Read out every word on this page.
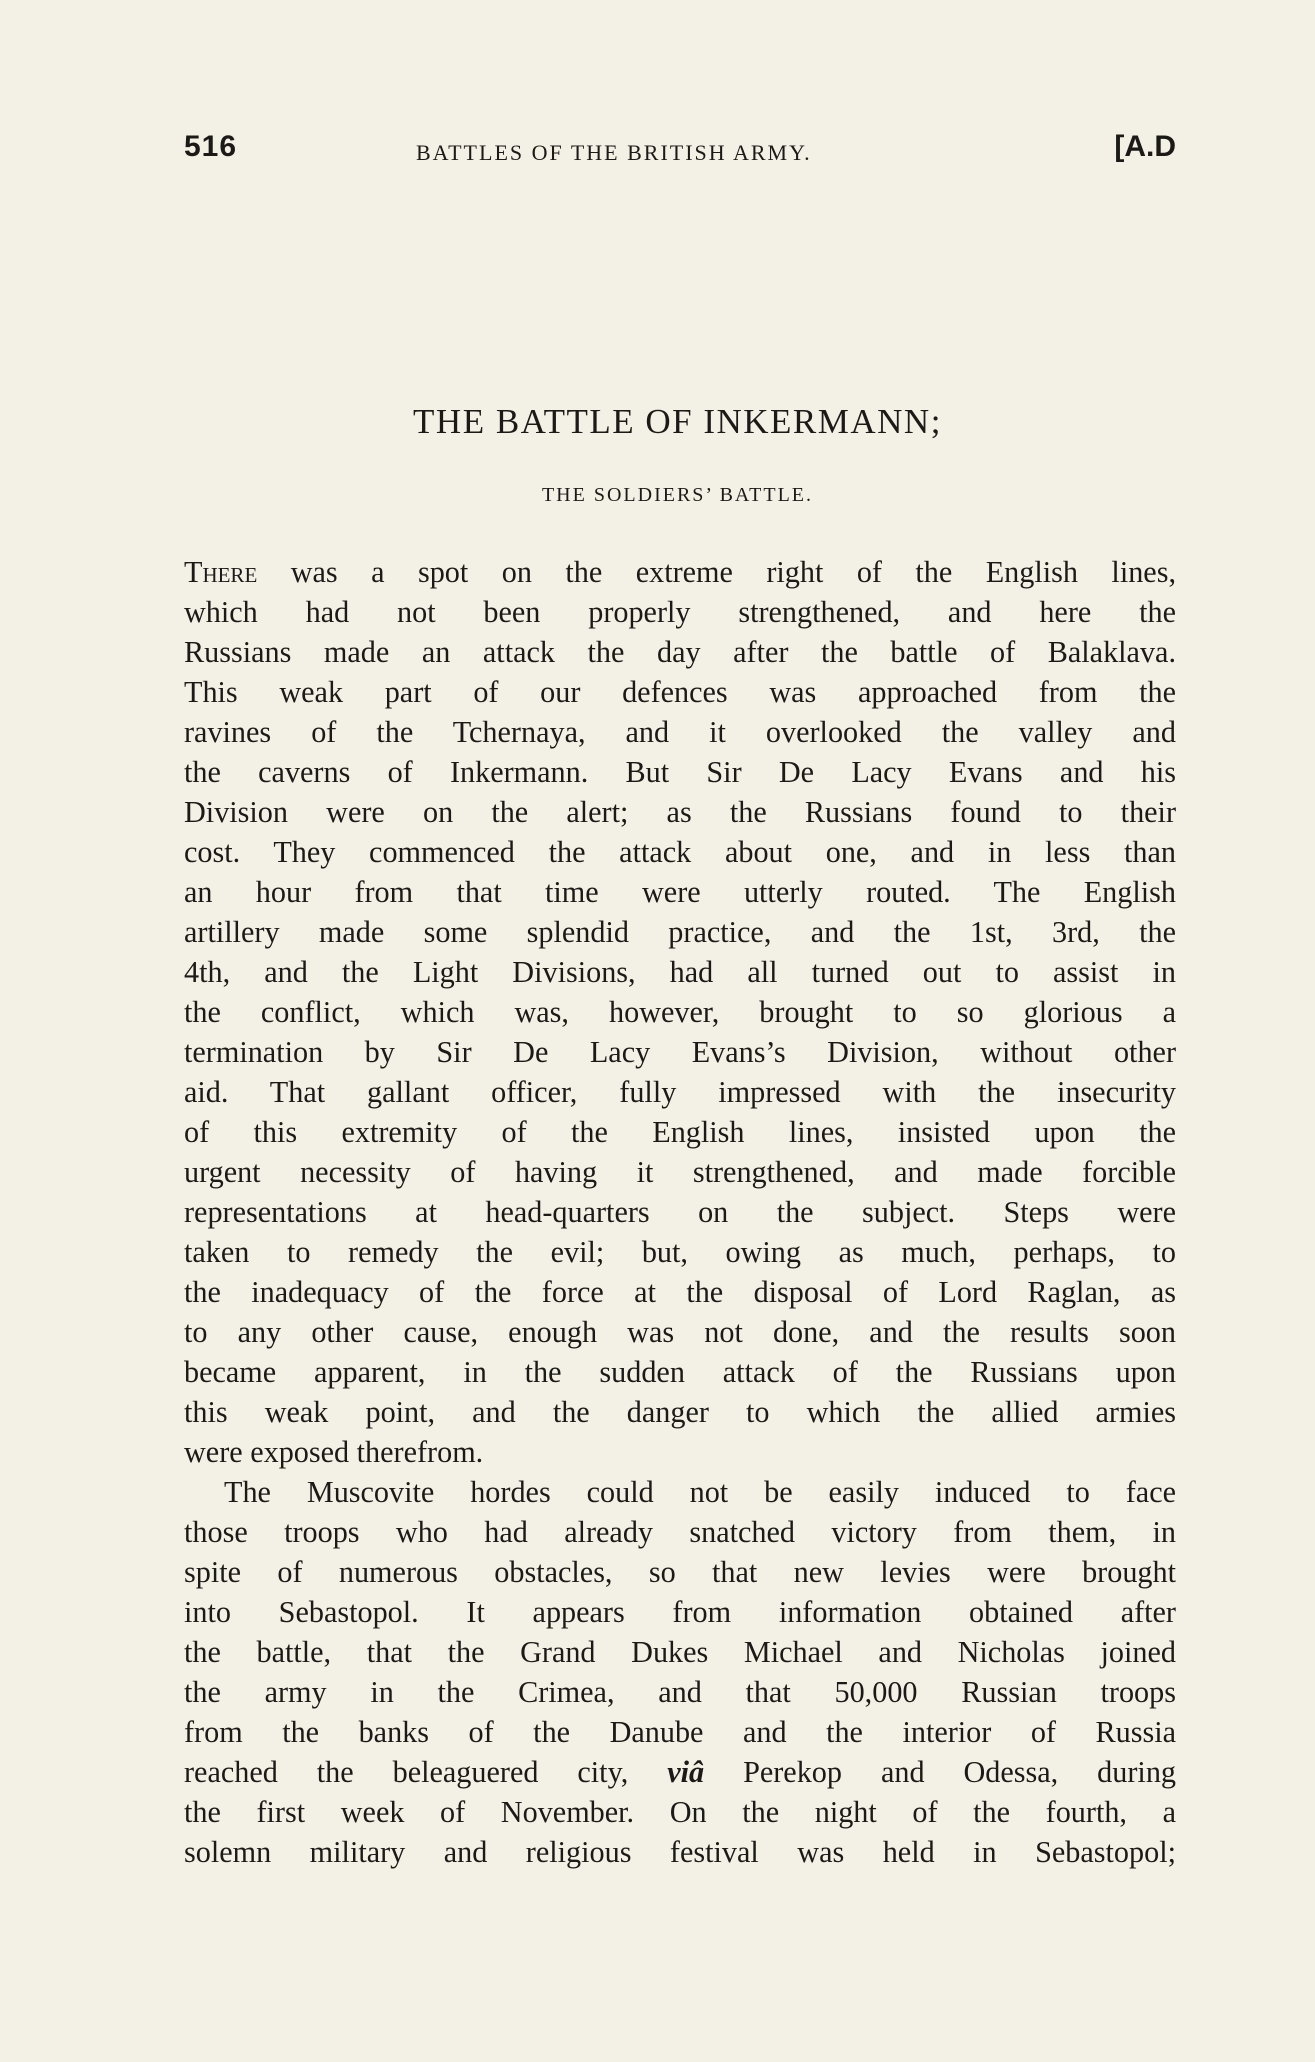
516	BATTLES OF THE BRITISH ARMY.	[A.D
THE BATTLE OF INKERMANN;
THE SOLDIERS’ BATTLE.
There was a spot on the extreme right of the English lines,
which had not been properly strengthened, and here the
Russians made an attack the day after the battle of Balaklava.
This weak part of our defences was approached from the
ravines of the Tchernaya, and it overlooked the valley and
the caverns of Inkermann. But Sir De Lacy Evans and his
Division were on the alert; as the Russians found to their
cost. They commenced the attack about one, and in less than
an hour from that time were utterly routed. The English
artillery made some splendid practice, and the 1st, 3rd, the
4th, and the Light Divisions, had all turned out to assist in
the conflict, which was, however, brought to so glorious a
termination by Sir De Lacy Evans’s Division, without other
aid. That gallant officer, fully impressed with the insecurity
of this extremity of the English lines, insisted upon the
urgent necessity of having it strengthened, and made forcible
representations at head-quarters on the subject. Steps were
taken to remedy the evil; but, owing as much, perhaps, to
the inadequacy of the force at the disposal of Lord Raglan, as
to any other cause, enough was not done, and the results soon
became apparent, in the sudden attack of the Russians upon
this weak point, and the danger to which the allied armies
were exposed therefrom.
The Muscovite hordes could not be easily induced to face
those troops who had already snatched victory from them, in
spite of numerous obstacles, so that new levies were brought
into Sebastopol. It appears from information obtained after
the battle, that the Grand Dukes Michael and Nicholas joined
the army in the Crimea, and that 50,000 Russian troops
from the banks of the Danube and the interior of Russia
reached the beleaguered city, viâ Perekop and Odessa, during
the first week of November. On the night of the fourth, a
solemn military and religious festival was held in Sebastopol;
